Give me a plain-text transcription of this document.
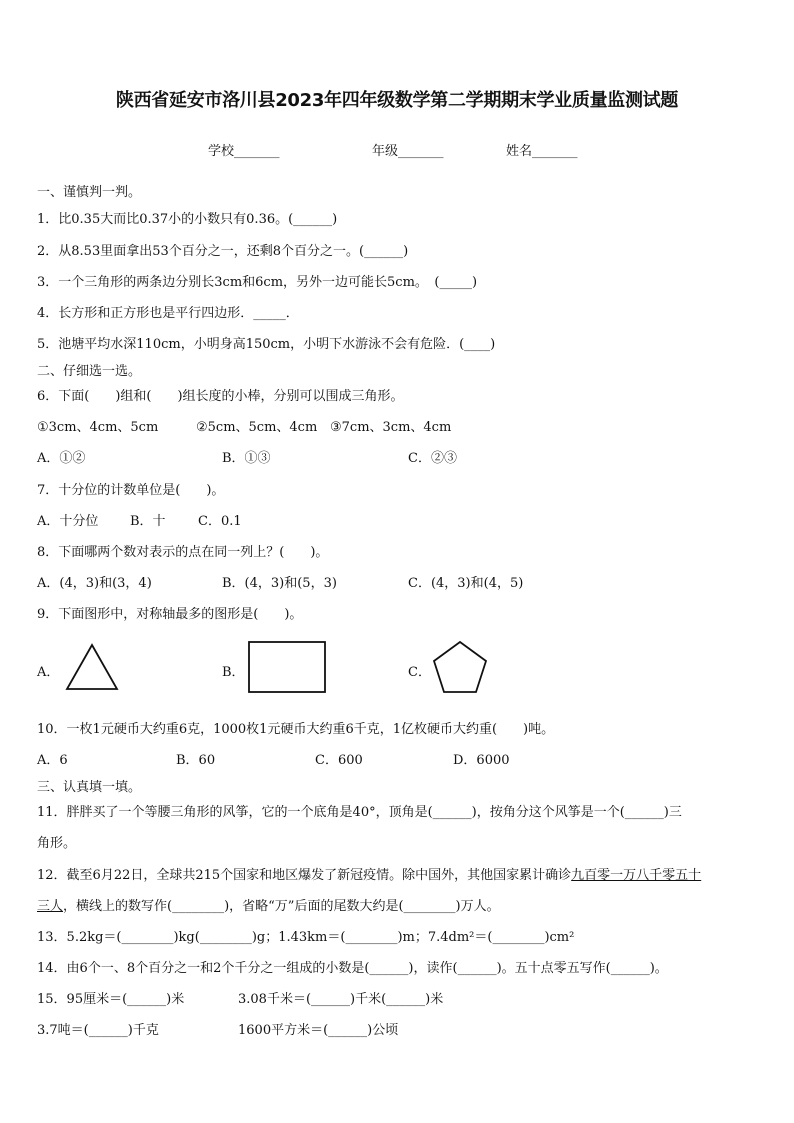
陕西省延安市洛川县2023年四年级数学第二学期期末学业质量监测试题
学校_______	年级_______	姓名_______
一、谨慎判一判。
1．比0.35大而比0.37小的小数只有0.36。(______)
2．从8.53里面拿出53个百分之一，还剩8个百分之一。(______)
3．一个三角形的两条边分别长3cm和6cm，另外一边可能长5cm。　(_____)
4．长方形和正方形也是平行四边形．_____．
5．池塘平均水深110cm，小明身高150cm，小明下水游泳不会有危险．(____)
二、仔细选一选。
6．下面(　　)组和(　　)组长度的小棒，分别可以围成三角形。
①3cm、4cm、5cm	②5cm、5cm、4cm ③7cm、3cm、4cm
A．①②	B．①③	C．②③
7．十分位的计数单位是(　　)。
A．十分位 B．十 C．0.1
8．下面哪两个数对表示的点在同一列上？(　　)。
A．(4，3)和(3，4)	B．(4，3)和(5，3)	C．(4，3)和(4，5)
9．下面图形中，对称轴最多的图形是(　　)。
A．	B．	C．
10．一枚1元硬币大约重6克，1000枚1元硬币大约重6千克，1亿枚硬币大约重(　　)吨。
A．6	B．60	C．600	D．6000
三、认真填一填。
11．胖胖买了一个等腰三角形的风筝，它的一个底角是40°，顶角是(______)，按角分这个风筝是一个(______)三
角形。
12．截至6月22日，全球共215个国家和地区爆发了新冠疫情。除中国外，其他国家累计确诊九百零一万八千零五十
三人，横线上的数写作(________)，省略“万”后面的尾数大约是(________)万人。
13．5.2kg＝(________)kg(________)g；1.43km＝(________)m；7.4dm²＝(________)cm²
14．由6个一、8个百分之一和2个千分之一组成的小数是(______)，读作(______)。五十点零五写作(______)。
15．95厘米＝(______)米	3.08千米＝(______)千米(______)米
3.7吨＝(______)千克	1600平方米＝(______)公顷
